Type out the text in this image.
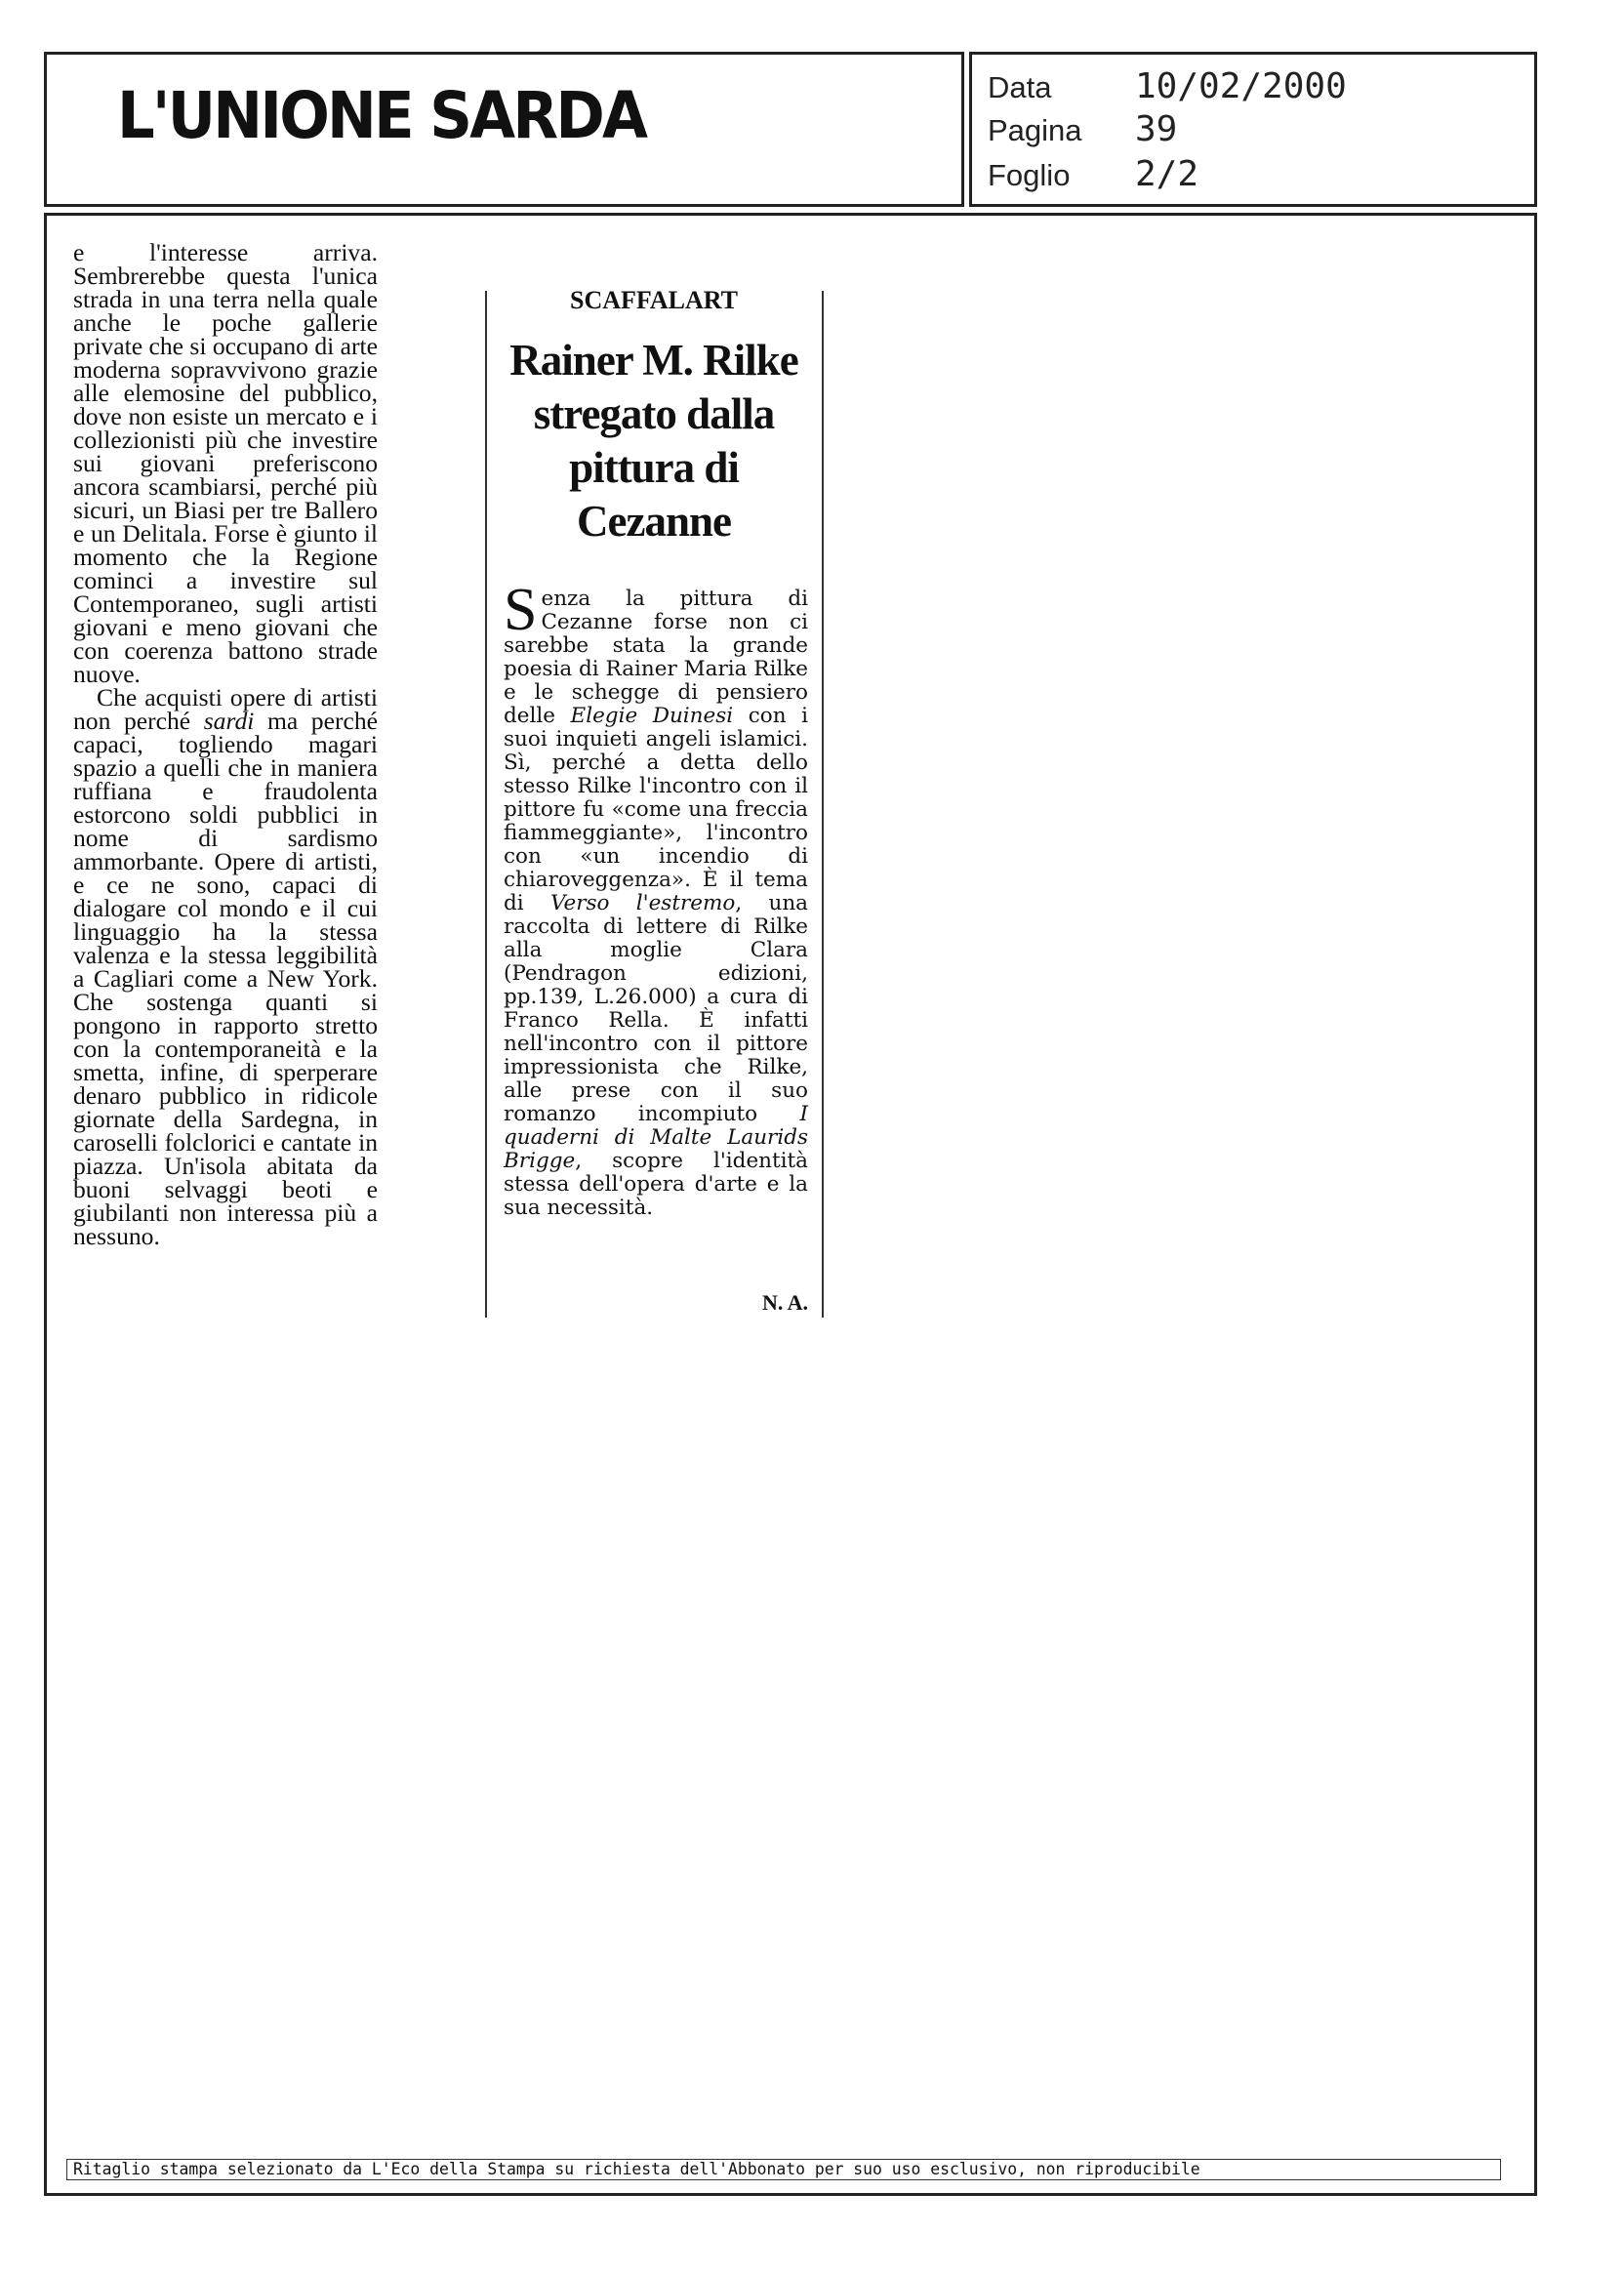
L'UNIONE SARDA	Data 10/02/2000
Pagina 39
Foglio 2/2

e l'interesse arriva. Sembrerebbe questa l'unica strada in una terra nella quale anche le poche gallerie private che si occupano di arte moderna sopravvivono grazie alle elemosine del pubblico, dove non esiste un mercato e i collezionisti più che investire sui giovani preferiscono ancora scambiarsi, perché più sicuri, un Biasi per tre Ballero e un Delitala. Forse è giunto il momento che la Regione cominci a investire sul Contemporaneo, sugli artisti giovani e meno giovani che con coerenza battono strade nuove.

Che acquisti opere di artisti non perché sardi ma perché capaci, togliendo magari spazio a quelli che in maniera ruffiana e fraudolenta estorcono soldi pubblici in nome di sardismo ammorbante. Opere di artisti, e ce ne sono, capaci di dialogare col mondo e il cui linguaggio ha la stessa valenza e la stessa leggibilità a Cagliari come a New York. Che sostenga quanti si pongono in rapporto stretto con la contemporaneità e la smetta, infine, di sperperare denaro pubblico in ridicole giornate della Sardegna, in caroselli folclorici e cantate in piazza. Un'isola abitata da buoni selvaggi beoti e giubilanti non interessa più a nessuno.

SCAFFALART
Rainer M. Rilke stregato dalla pittura di Cezanne

Senza la pittura di Cezanne forse non ci sarebbe stata la grande poesia di Rainer Maria Rilke e le schegge di pensiero delle Elegie Duinesi con i suoi inquieti angeli islamici. Sì, perché a detta dello stesso Rilke l'incontro con il pittore fu «come una freccia fiammeggiante», l'incontro con «un incendio di chiaroveggenza». È il tema di Verso l'estremo, una raccolta di lettere di Rilke alla moglie Clara (Pendragon edizioni, pp.139, L.26.000) a cura di Franco Rella. È infatti nell'incontro con il pittore impressionista che Rilke, alle prese con il suo romanzo incompiuto I quaderni di Malte Laurids Brigge, scopre l'identità stessa dell'opera d'arte e la sua necessità.

N. A.
Ritaglio stampa selezionato da L'Eco della Stampa su richiesta dell'Abbonato per suo uso esclusivo, non riproducibile
